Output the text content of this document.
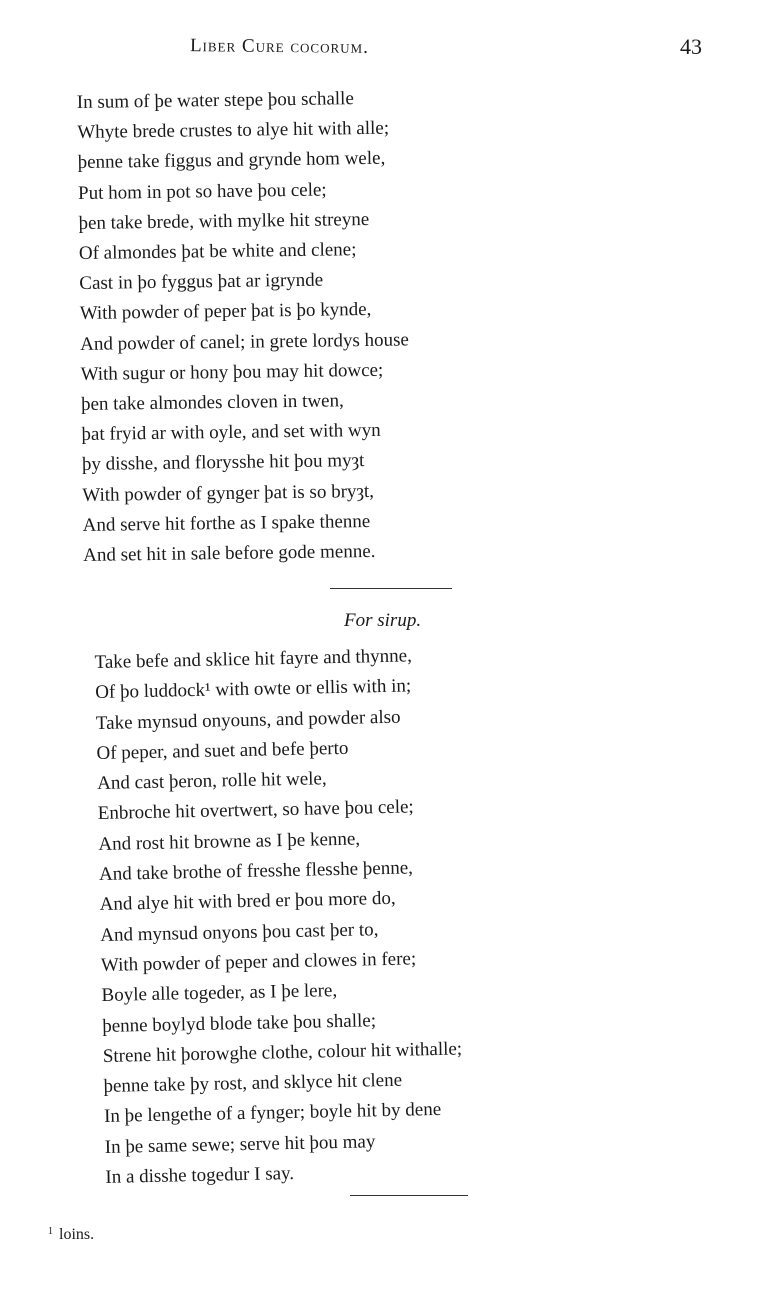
Liber Cure cocorum.	43
In sum of þe water stepe þou schalle
Whyte brede crustes to alye hit with alle;
þenne take figgus and grynde hom wele,
Put hom in pot so have þou cele;
þen take brede, with mylke hit streyne
Of almondes þat be white and clene;
Cast in þo fyggus þat ar igrynde
With powder of peper þat is þo kynde,
And powder of canel; in grete lordys house
With sugur or hony þou may hit dowce;
þen take almondes cloven in twen,
þat fryid ar with oyle, and set with wyn
þy disshe, and florysshe hit þou myȝt
With powder of gynger þat is so bryȝt,
And serve hit forthe as I spake thenne
And set hit in sale before gode menne.
For sirup.
Take befe and sklice hit fayre and thynne,
Of þo luddock¹ with owte or ellis with in;
Take mynsud onyouns, and powder also
Of peper, and suet and befe þerto
And cast þeron, rolle hit wele,
Enbroche hit overtwert, so have þou cele;
And rost hit browne as I þe kenne,
And take brothe of fresshe flesshe þenne,
And alye hit with bred er þou more do,
And mynsud onyons þou cast þer to,
With powder of peper and clowes in fere;
Boyle alle togeder, as I þe lere,
þenne boylyd blode take þou shalle;
Strene hit þorowghe clothe, colour hit withalle;
þenne take þy rost, and sklyce hit clene
In þe lengethe of a fynger; boyle hit by dene
In þe same sewe; serve hit þou may
In a disshe togedur I say.
$^1$ loins.
